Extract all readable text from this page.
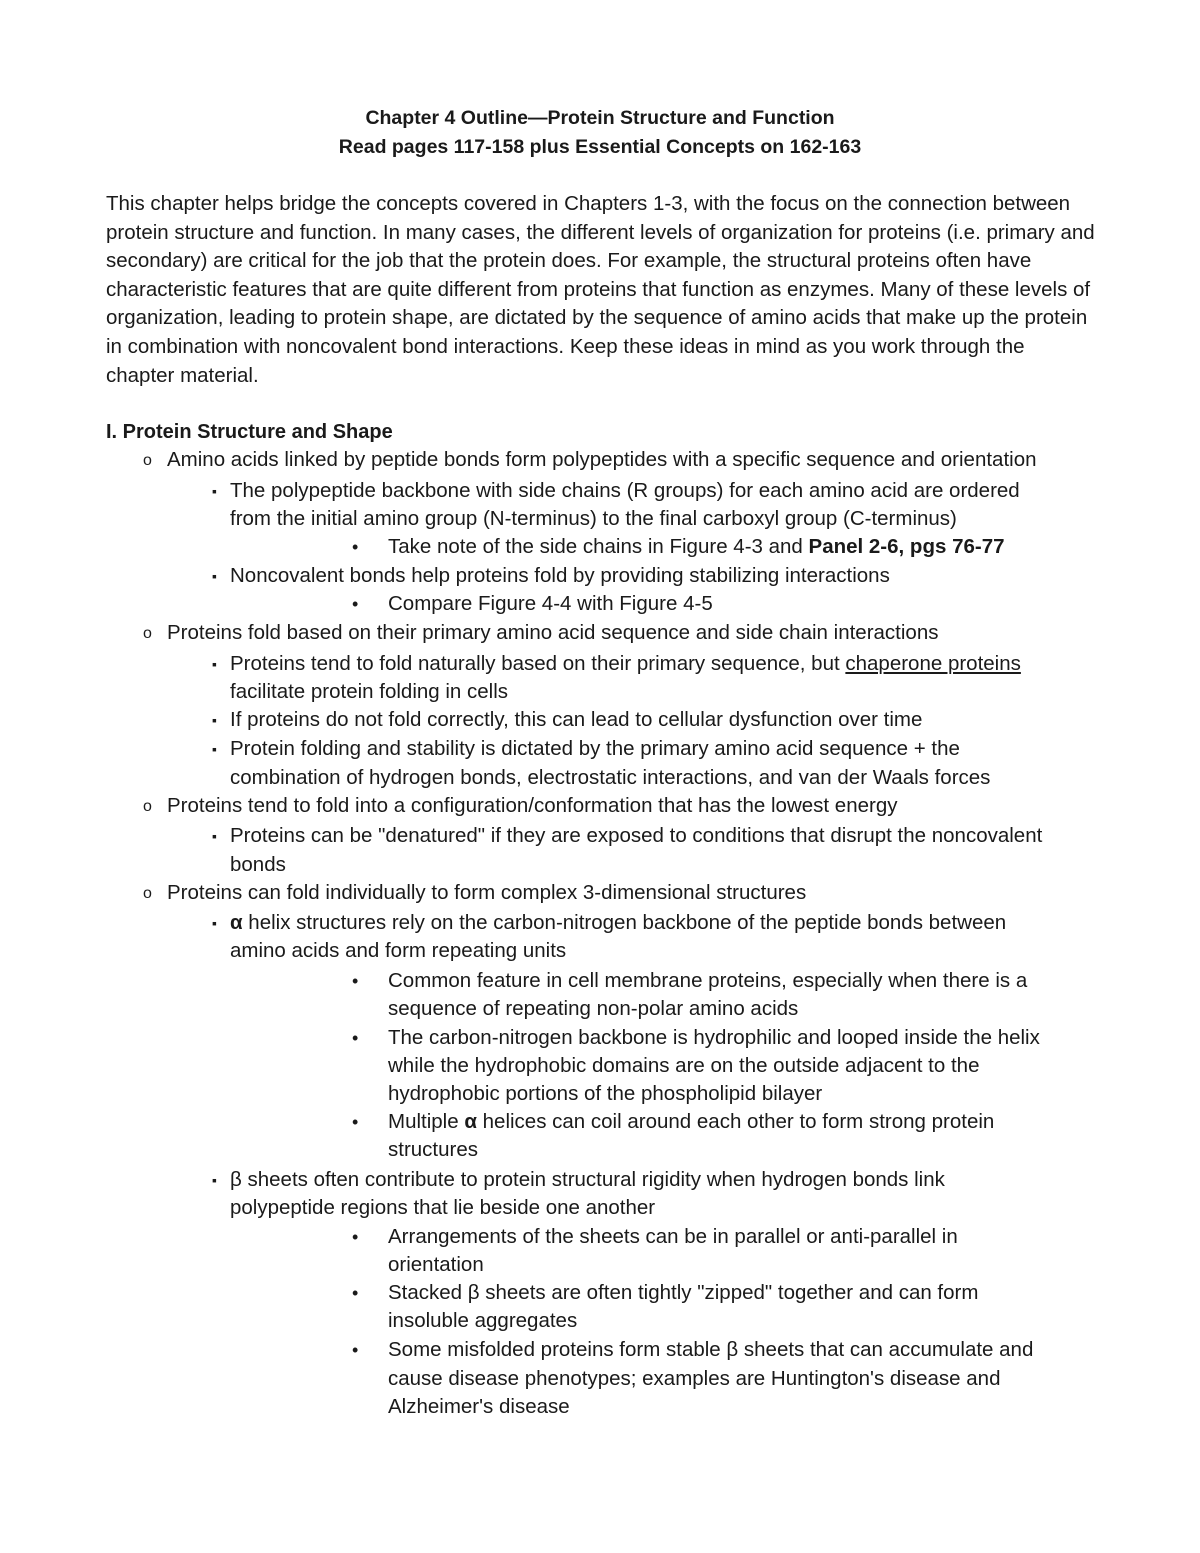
Chapter 4 Outline—Protein Structure and Function
Read pages 117-158 plus Essential Concepts on 162-163

This chapter helps bridge the concepts covered in Chapters 1-3, with the focus on the connection between protein structure and function. In many cases, the different levels of organization for proteins (i.e. primary and secondary) are critical for the job that the protein does. For example, the structural proteins often have characteristic features that are quite different from proteins that function as enzymes. Many of these levels of organization, leading to protein shape, are dictated by the sequence of amino acids that make up the protein in combination with noncovalent bond interactions. Keep these ideas in mind as you work through the chapter material.

I. Protein Structure and Shape
o Amino acids linked by peptide bonds form polypeptides with a specific sequence and orientation
▪ The polypeptide backbone with side chains (R groups) for each amino acid are ordered
from the initial amino group (N-terminus) to the final carboxyl group (C-terminus)
• Take note of the side chains in Figure 4-3 and Panel 2-6, pgs 76-77
▪ Noncovalent bonds help proteins fold by providing stabilizing interactions
• Compare Figure 4-4 with Figure 4-5
o Proteins fold based on their primary amino acid sequence and side chain interactions
▪ Proteins tend to fold naturally based on their primary sequence, but chaperone proteins
facilitate protein folding in cells
▪ If proteins do not fold correctly, this can lead to cellular dysfunction over time
▪ Protein folding and stability is dictated by the primary amino acid sequence + the
combination of hydrogen bonds, electrostatic interactions, and van der Waals forces
o Proteins tend to fold into a configuration/conformation that has the lowest energy
▪ Proteins can be "denatured" if they are exposed to conditions that disrupt the noncovalent
bonds
o Proteins can fold individually to form complex 3-dimensional structures
▪ α helix structures rely on the carbon-nitrogen backbone of the peptide bonds between
amino acids and form repeating units
• Common feature in cell membrane proteins, especially when there is a
sequence of repeating non-polar amino acids
• The carbon-nitrogen backbone is hydrophilic and looped inside the helix
while the hydrophobic domains are on the outside adjacent to the
hydrophobic portions of the phospholipid bilayer
• Multiple α helices can coil around each other to form strong protein
structures
▪ β sheets often contribute to protein structural rigidity when hydrogen bonds link
polypeptide regions that lie beside one another
• Arrangements of the sheets can be in parallel or anti-parallel in
orientation
• Stacked β sheets are often tightly "zipped" together and can form
insoluble aggregates
• Some misfolded proteins form stable β sheets that can accumulate and
cause disease phenotypes; examples are Huntington's disease and
Alzheimer's disease
